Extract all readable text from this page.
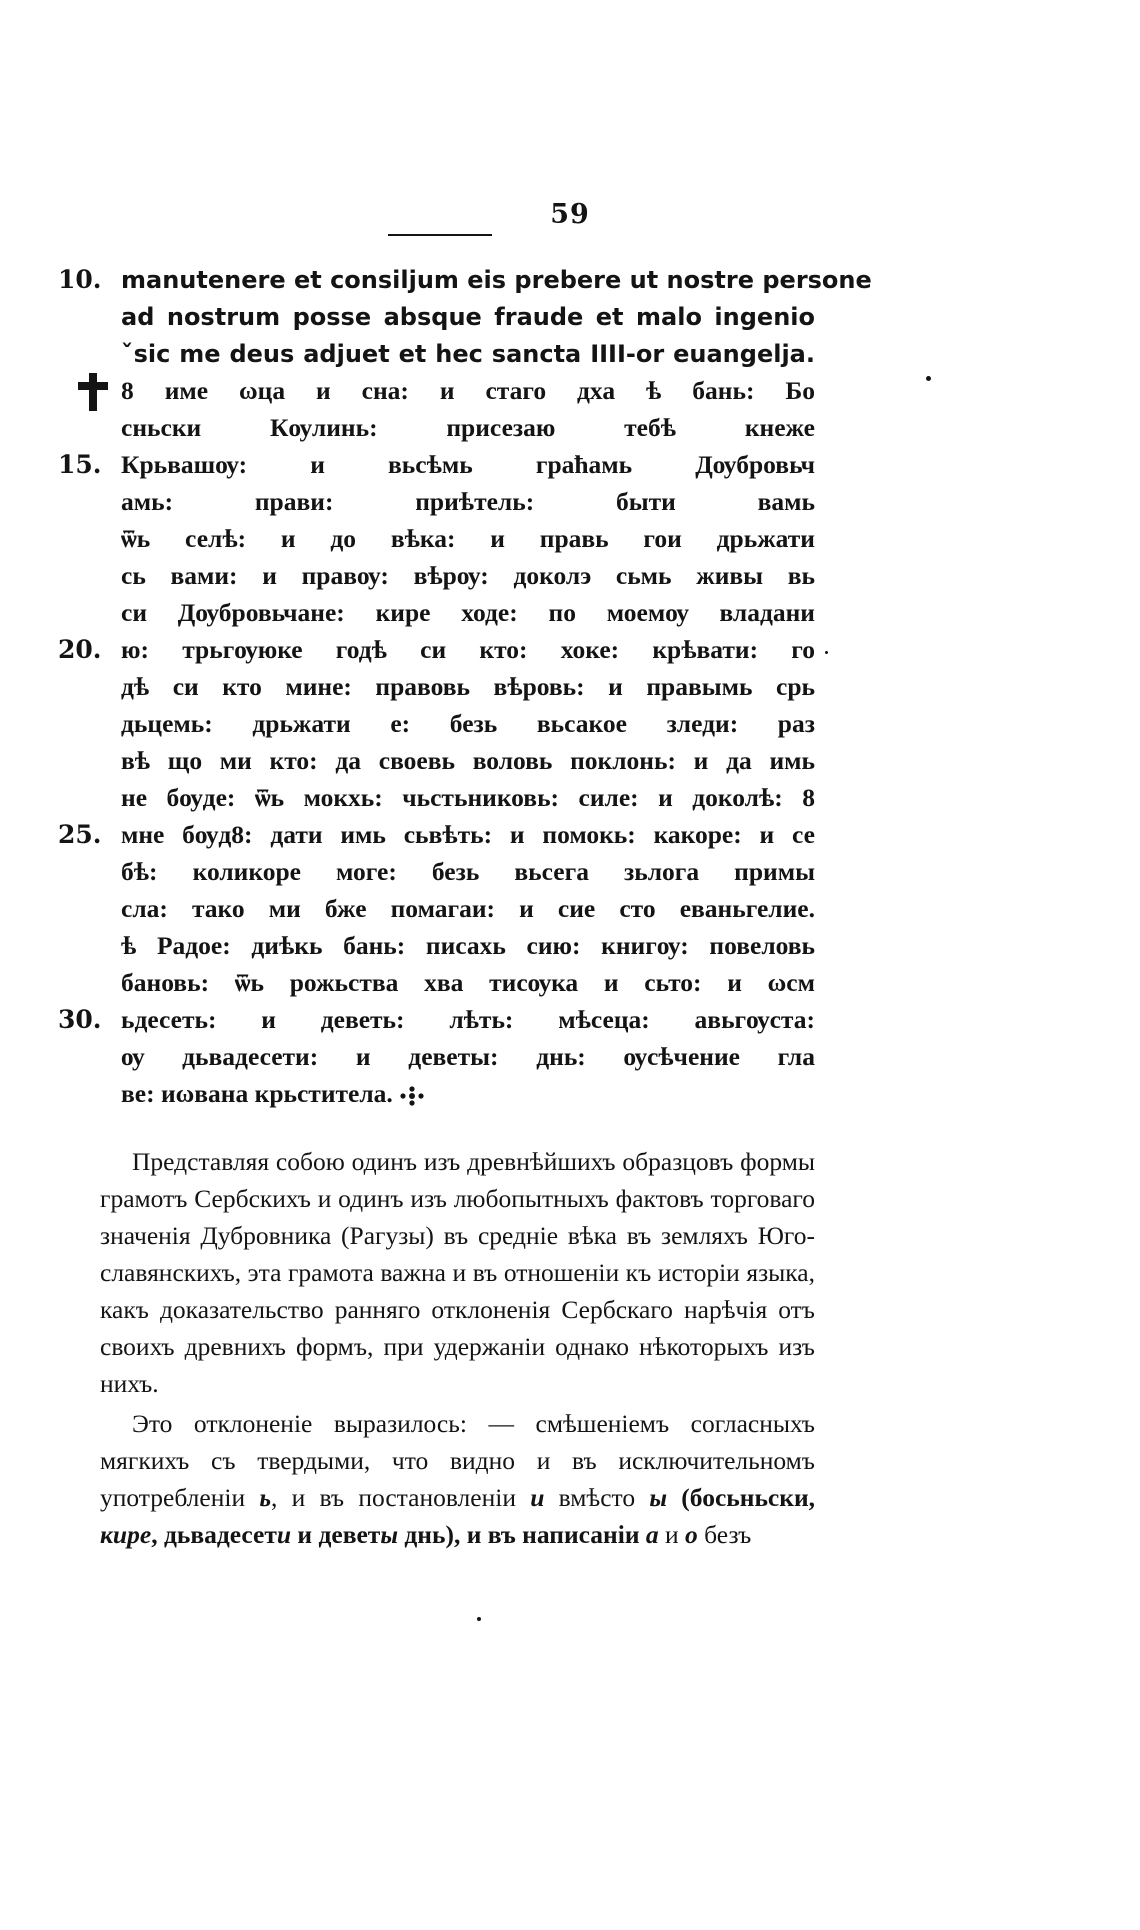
59
10. manutenere et consiljum eis prebere ut nostre persone
ad nostrum posse absque fraude et malo ingenio
ˇsic me deus adjuet et hec sancta IIII-or euangelja.
8 име ωца и сна: и стаго дха ѣ бань: Бо
сньски Кѹлинь: присезаю тебѣ кнеже
15. Крьвашѹ: и вьсѣмь граћамь Дѹбровьч
амь: прави: приѣтель: быти вамь
ѿь селѣ: и до вѣка: и правь гои дрьжати
сь вами: и правѹ: вѣрѹ: доколэ сьмь живы вь
си Дѹбровьчане: кире ходе: по моемѹ владани
20. ю: трьгѹюке годѣ си кто: хоке: крѣвати: го
дѣ си кто мине: правовь вѣровь: и правымь срь
дьцемь: дрьжати е: безь вьсакое зледи: раз
вѣ що ми кто: да своевь воловь поклонь: и да имь
не бѹде: ѿь мокхь: чьстьниковь: силе: и доколѣ: 8
25. мне бѹд8: дати имь сьвѣть: и помокь: какоре: и се
бѣ: коликоре моге: безь вьсега зьлога примы
сла: тако ми бже помагаи: и сие сто еваньгелие.
ѣ Радое: диѣкь бань: писахь сию: книгѹ: повеловь
бановь: ѿь рожьства хва тисѹка и сьто: и ωсм
30. ьдесеть: и деветь: лѣть: мѣсеца: авьгѹста:
ѹ дьвадесети: и деветы: днь: ѹсѣчение гла
ве: иωвана крьститела.

Представляя собою одинъ изъ древнѣйшихъ образцовъ формы грамотъ Сербскихъ и одинъ изъ любопытныхъ фактовъ торговаго значенія Дубровника (Рагузы) въ средніе вѣка въ земляхъ Юго-славянскихъ, эта грамота важна и въ отношеніи къ исторіи языка, какъ доказательство ранняго отклоненія Сербскаго нарѣчія отъ своихъ древнихъ формъ, при удержаніи однако нѣкоторыхъ изъ нихъ.

Это отклоненіе выразилось: — смѣшеніемъ согласныхъ мягкихъ съ твердыми, что видно и въ исключительномъ употребленіи ь, и въ постановленіи и вмѣсто ы (босьньски, кире, дьвадесети и деветы днь), и въ написаніи а и о безъ
